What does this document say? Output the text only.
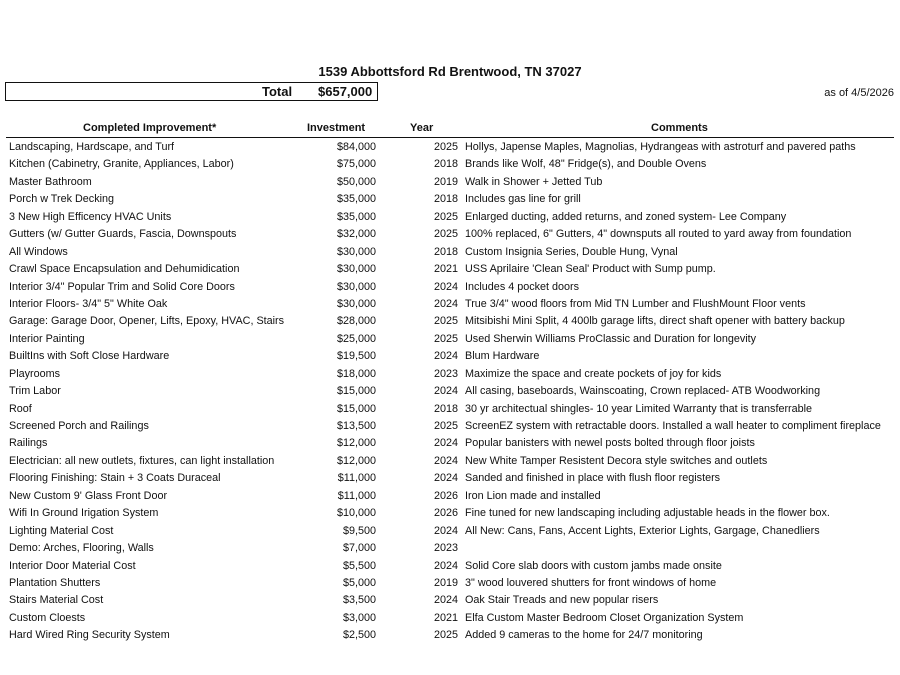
1539 Abbottsford Rd Brentwood, TN 37027
Total $657,000	as of 4/5/2026
Completed Improvement*	Investment	Year	Comments
Landscaping, Hardscape, and Turf	$84,000	2025 Hollys, Japense Maples, Magnolias, Hydrangeas with astroturf and pavered paths
Kitchen (Cabinetry, Granite, Appliances, Labor)	$75,000	2018 Brands like Wolf, 48" Fridge(s), and Double Ovens
Master Bathroom	$50,000	2019 Walk in Shower + Jetted Tub
Porch w Trek Decking	$35,000	2018 Includes gas line for grill
3 New High Efficency HVAC Units	$35,000	2025 Enlarged ducting, added returns, and zoned system- Lee Company
Gutters (w/ Gutter Guards, Fascia, Downspouts	$32,000	2025 100% replaced, 6" Gutters, 4" downsputs all routed to yard away from foundation
All Windows	$30,000	2018 Custom Insignia Series, Double Hung, Vynal
Crawl Space Encapsulation and Dehumidication	$30,000	2021 USS Aprilaire 'Clean Seal' Product with Sump pump.
Interior 3/4" Popular Trim and Solid Core Doors	$30,000	2024 Includes 4 pocket doors
Interior Floors- 3/4" 5" White Oak	$30,000	2024 True 3/4" wood floors from Mid TN Lumber and FlushMount Floor vents
Garage: Garage Door, Opener, Lifts, Epoxy, HVAC, Stairs	$28,000	2025 Mitsibishi Mini Split, 4 400lb garage lifts, direct shaft opener with battery backup
Interior Painting	$25,000	2025 Used Sherwin Williams ProClassic and Duration for longevity
BuiltIns with Soft Close Hardware	$19,500	2024 Blum Hardware
Playrooms	$18,000	2023 Maximize the space and create pockets of joy for kids
Trim Labor	$15,000	2024 All casing, baseboards, Wainscoating, Crown replaced- ATB Woodworking
Roof	$15,000	2018 30 yr architectual shingles- 10 year Limited Warranty that is transferrable
Screened Porch and Railings	$13,500	2025 ScreenEZ system with retractable doors. Installed a wall heater to compliment fireplace
Railings	$12,000	2024 Popular banisters with newel posts bolted through floor joists
Electrician: all new outlets, fixtures, can light installation	$12,000	2024 New White Tamper Resistent Decora style switches and outlets
Flooring Finishing: Stain + 3 Coats Duraceal	$11,000	2024 Sanded and finished in place with flush floor registers
New Custom 9' Glass Front Door	$11,000	2026 Iron Lion made and installed
Wifi In Ground Irigation System	$10,000	2026 Fine tuned for new landscaping including adjustable heads in the flower box.
Lighting Material Cost	$9,500	2024 All New: Cans, Fans, Accent Lights, Exterior Lights, Gargage, Chanedliers
Demo: Arches, Flooring, Walls	$7,000	2023
Interior Door Material Cost	$5,500	2024 Solid Core slab doors with custom jambs made onsite
Plantation Shutters	$5,000	2019 3" wood louvered shutters for front windows of home
Stairs Material Cost	$3,500	2024 Oak Stair Treads and new popular risers
Custom Cloests	$3,000	2021 Elfa Custom Master Bedroom Closet Organization System
Hard Wired Ring Security System	$2,500	2025 Added 9 cameras to the home for 24/7 monitoring
